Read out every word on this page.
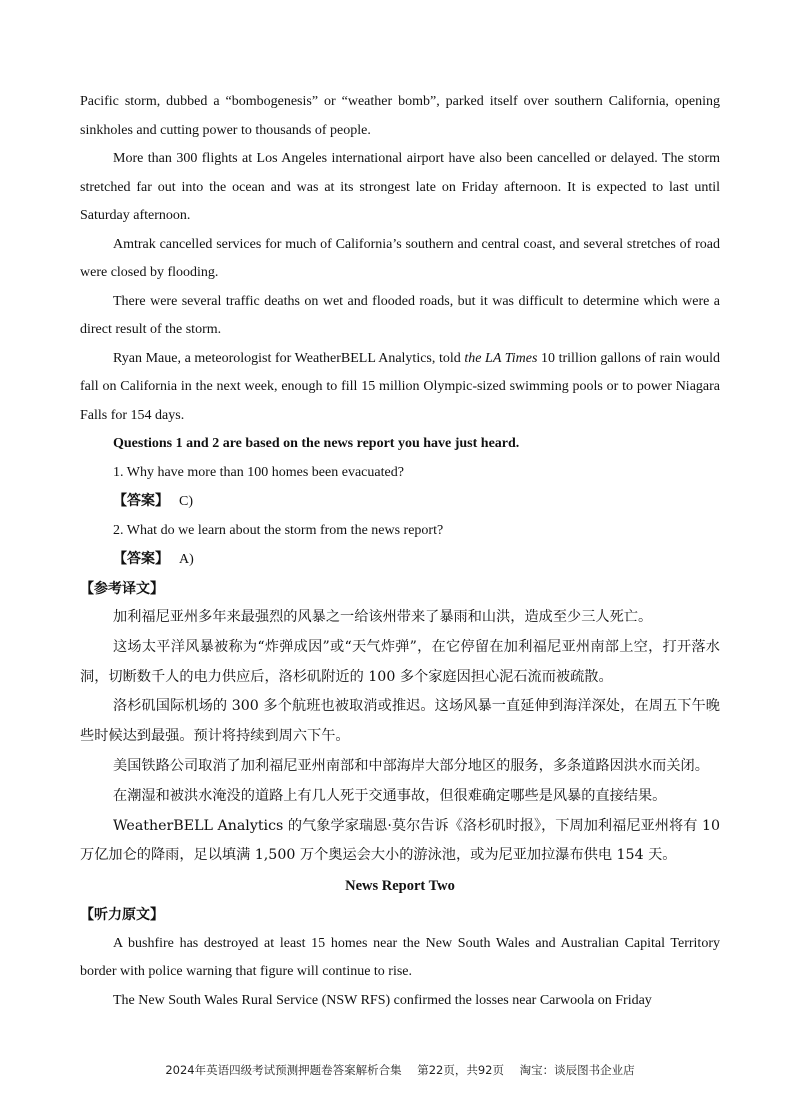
Pacific storm, dubbed a “bombogenesis” or “weather bomb”, parked itself over southern California, opening sinkholes and cutting power to thousands of people.

More than 300 flights at Los Angeles international airport have also been cancelled or delayed. The storm stretched far out into the ocean and was at its strongest late on Friday afternoon. It is expected to last until Saturday afternoon.

Amtrak cancelled services for much of California’s southern and central coast, and several stretches of road were closed by flooding.

There were several traffic deaths on wet and flooded roads, but it was difficult to determine which were a direct result of the storm.

Ryan Maue, a meteorologist for WeatherBELL Analytics, told the LA Times 10 trillion gallons of rain would fall on California in the next week, enough to fill 15 million Olympic-sized swimming pools or to power Niagara Falls for 154 days.

Questions 1 and 2 are based on the news report you have just heard.

1. Why have more than 100 homes been evacuated?

【答案】 C)

2. What do we learn about the storm from the news report?

【答案】 A)

【参考译文】

加利福尼亚州多年来最强烈的风暴之一给该州带来了暴雨和山洪，造成至少三人死亡。

这场太平洋风暴被称为“炸弹成因”或“天气炸弹”，在它停留在加利福尼亚州南部上空，打开落水洞，切断数千人的电力供应后，洛杉矶附近的 100 多个家庭因担心泥石流而被疏散。

洛杉矶国际机场的 300 多个航班也被取消或推迟。这场风暴一直延伸到海洋深处，在周五下午晚些时候达到最强。预计将持续到周六下午。

美国铁路公司取消了加利福尼亚州南部和中部海岸大部分地区的服务，多条道路因洪水而关闭。

在潮湿和被洪水淹没的道路上有几人死于交通事故，但很难确定哪些是风暴的直接结果。

WeatherBELL Analytics 的气象学家瑞恩·莫尔告诉《洛杉矶时报》，下周加利福尼亚州将有 10 万亿加仑的降雨，足以填满 1,500 万个奥运会大小的游泳池，或为尼亚加拉瀑布供电 154 天。

News Report Two

【听力原文】

A bushfire has destroyed at least 15 homes near the New South Wales and Australian Capital Territory border with police warning that figure will continue to rise.

The New South Wales Rural Service (NSW RFS) confirmed the losses near Carwoola on Friday

2024年英语四级考试预测押题卷答案解析合集 第22页，共92页 淘宝：谈辰图书企业店
